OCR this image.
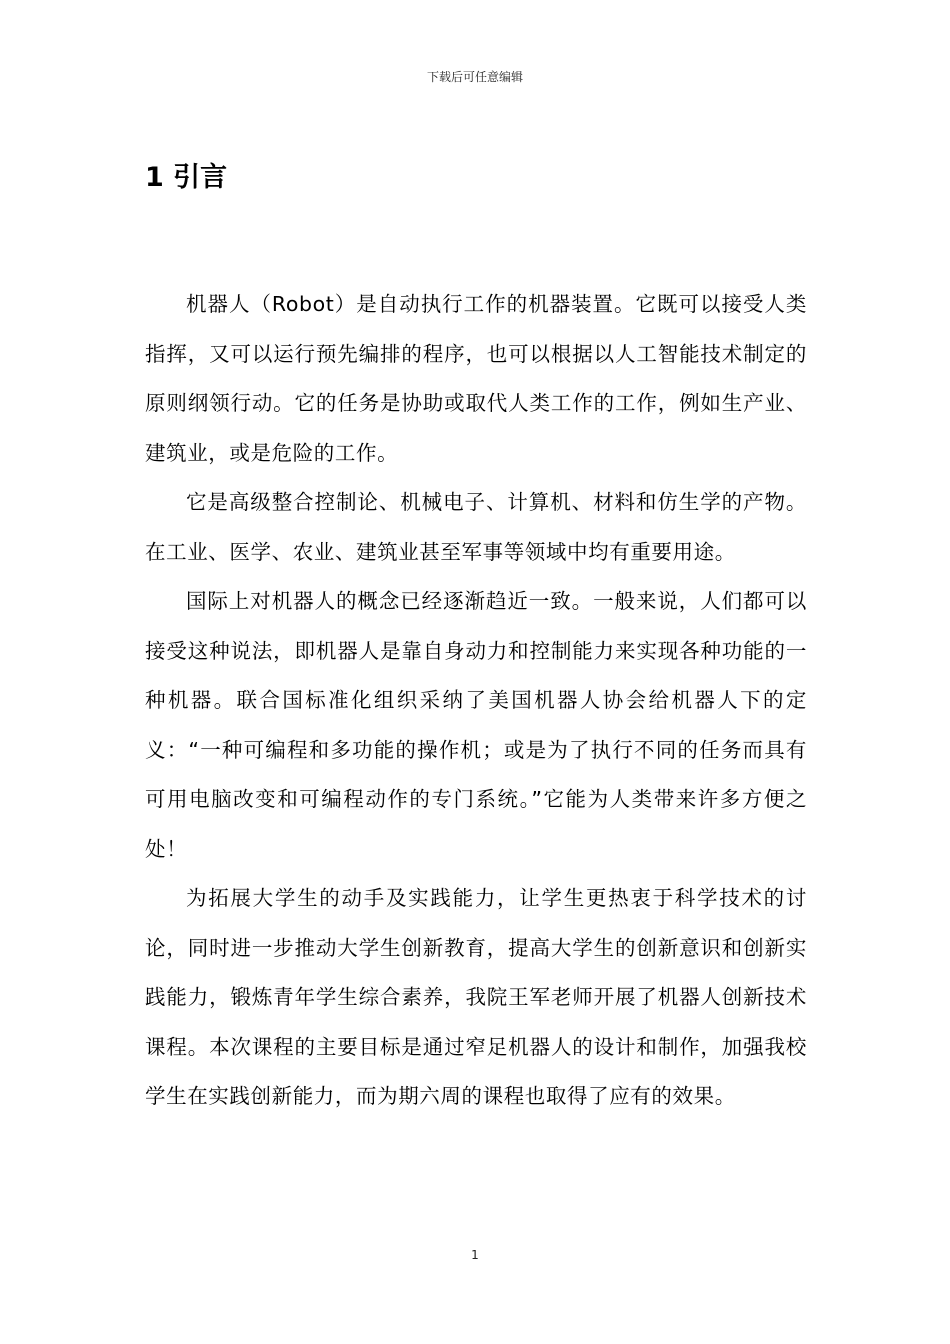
下载后可任意编辑
1 引言

机器人（Robot）是自动执行工作的机器装置。它既可以接受人类指挥，又可以运行预先编排的程序，也可以根据以人工智能技术制定的原则纲领行动。它的任务是协助或取代人类工作的工作，例如生产业、建筑业，或是危险的工作。

它是高级整合控制论、机械电子、计算机、材料和仿生学的产物。在工业、医学、农业、建筑业甚至军事等领域中均有重要用途。

国际上对机器人的概念已经逐渐趋近一致。一般来说，人们都可以接受这种说法，即机器人是靠自身动力和控制能力来实现各种功能的一种机器。联合国标准化组织采纳了美国机器人协会给机器人下的定义：“一种可编程和多功能的操作机；或是为了执行不同的任务而具有可用电脑改变和可编程动作的专门系统。”它能为人类带来许多方便之处！

为拓展大学生的动手及实践能力，让学生更热衷于科学技术的讨论，同时进一步推动大学生创新教育，提高大学生的创新意识和创新实践能力，锻炼青年学生综合素养，我院王军老师开展了机器人创新技术课程。本次课程的主要目标是通过窄足机器人的设计和制作，加强我校学生在实践创新能力，而为期六周的课程也取得了应有的效果。

1
